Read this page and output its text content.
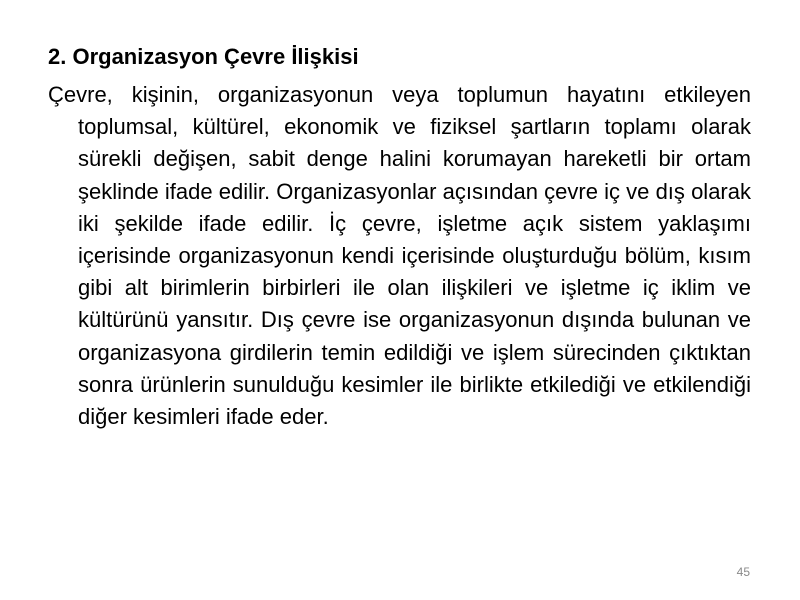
2. Organizasyon Çevre İlişkisi

Çevre, kişinin, organizasyonun veya toplumun hayatını etkileyen toplumsal, kültürel, ekonomik ve fiziksel şartların toplamı olarak sürekli değişen, sabit denge halini korumayan hareketli bir ortam şeklinde ifade edilir. Organizasyonlar açısından çevre iç ve dış olarak iki şekilde ifade edilir. İç çevre, işletme açık sistem yaklaşımı içerisinde organizasyonun kendi içerisinde oluşturduğu bölüm, kısım gibi alt birimlerin birbirleri ile olan ilişkileri ve işletme iç iklim ve kültürünü yansıtır. Dış çevre ise organizasyonun dışında bulunan ve organizasyona girdilerin temin edildiği ve işlem sürecinden çıktıktan sonra ürünlerin sunulduğu kesimler ile birlikte etkilediği ve etkilendiği diğer kesimleri ifade eder.

45
